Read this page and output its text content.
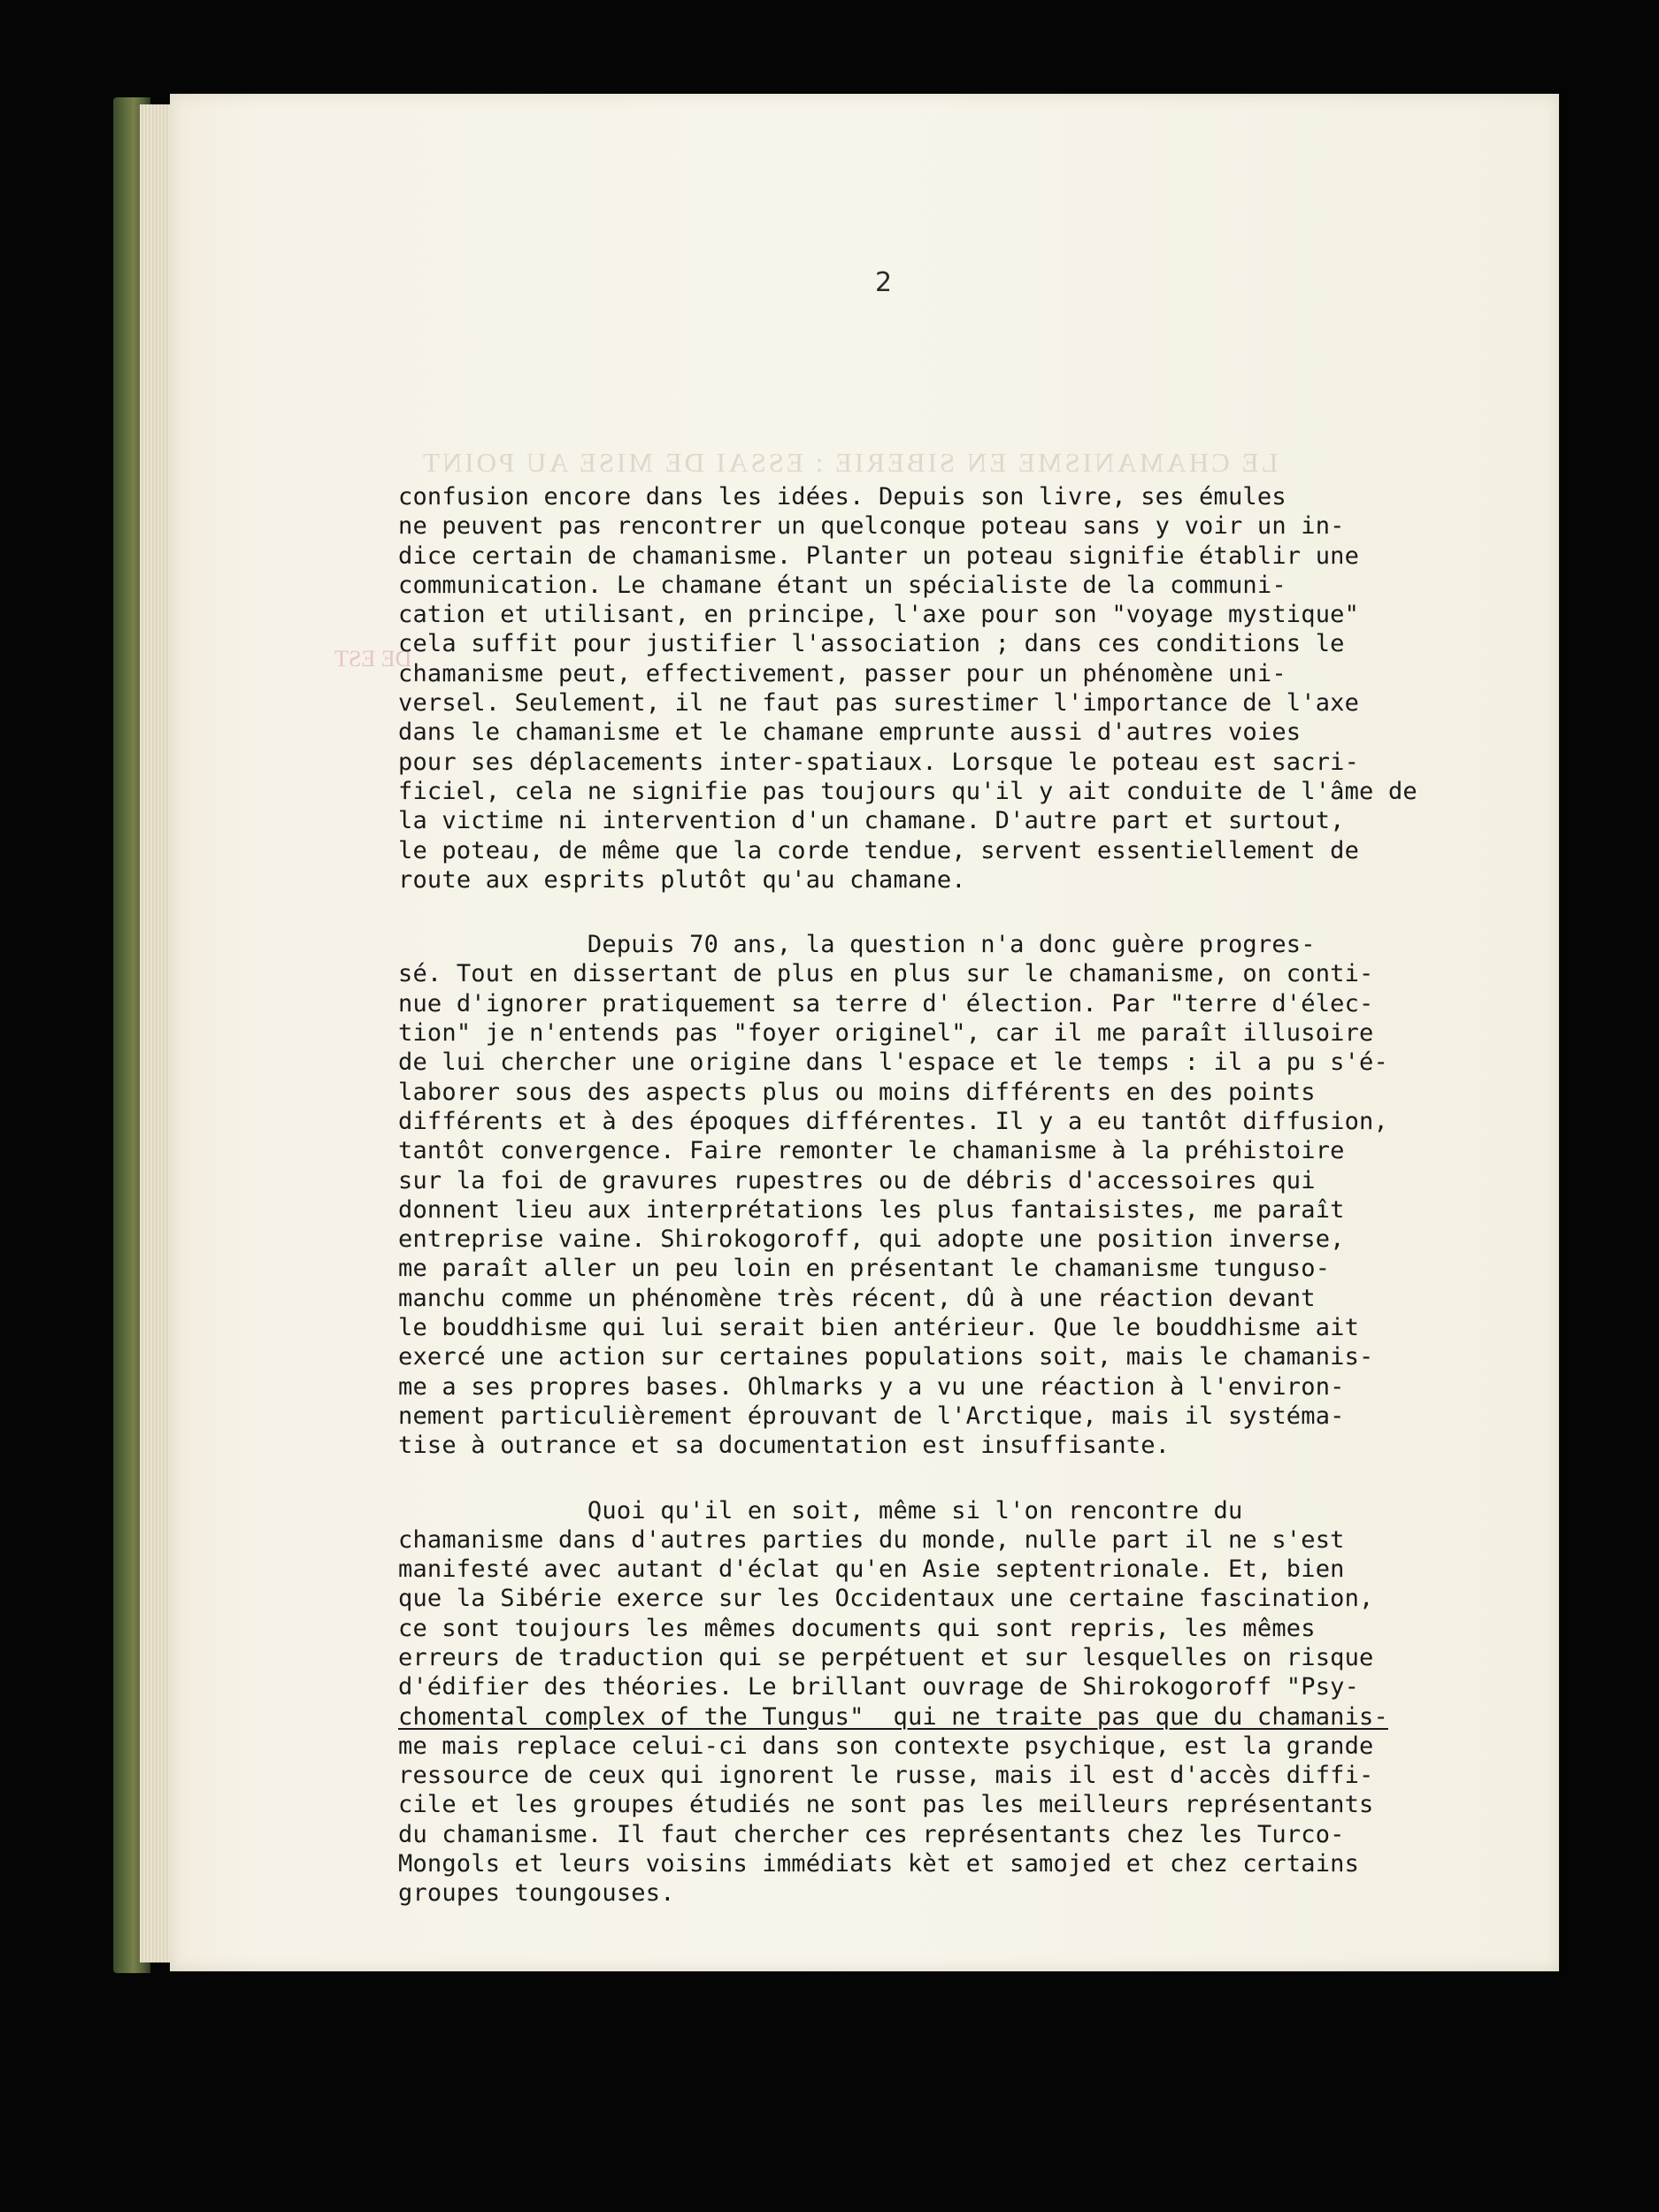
LE CHAMANISME EN SIBERIE : ESSAI DE MISE AU POINT
DE EST
2
confusion encore dans les idées. Depuis son livre, ses émules
ne peuvent pas rencontrer un quelconque poteau sans y voir un in-
dice certain de chamanisme. Planter un poteau signifie établir une
communication. Le chamane étant un spécialiste de la communi-
cation et utilisant, en principe, l'axe pour son "voyage mystique"
cela suffit pour justifier l'association ; dans ces conditions le
chamanisme peut, effectivement, passer pour un phénomène uni-
versel. Seulement, il ne faut pas surestimer l'importance de l'axe
dans le chamanisme et le chamane emprunte aussi d'autres voies
pour ses déplacements inter-spatiaux. Lorsque le poteau est sacri-
ficiel, cela ne signifie pas toujours qu'il y ait conduite de l'âme de
la victime ni intervention d'un chamane. D'autre part et surtout,
le poteau, de même que la corde tendue, servent essentiellement de
route aux esprits plutôt qu'au chamane.
Depuis 70 ans, la question n'a donc guère progres-
sé. Tout en dissertant de plus en plus sur le chamanisme, on conti-
nue d'ignorer pratiquement sa terre d' élection. Par "terre d'élec-
tion" je n'entends pas "foyer originel", car il me paraît illusoire
de lui chercher une origine dans l'espace et le temps : il a pu s'é-
laborer sous des aspects plus ou moins différents en des points
différents et à des époques différentes. Il y a eu tantôt diffusion,
tantôt convergence. Faire remonter le chamanisme à la préhistoire
sur la foi de gravures rupestres ou de débris d'accessoires qui
donnent lieu aux interprétations les plus fantaisistes, me paraît
entreprise vaine. Shirokogoroff, qui adopte une position inverse,
me paraît aller un peu loin en présentant le chamanisme tunguso-
manchu comme un phénomène très récent, dû à une réaction devant
le bouddhisme qui lui serait bien antérieur. Que le bouddhisme ait
exercé une action sur certaines populations soit, mais le chamanis-
me a ses propres bases. Ohlmarks y a vu une réaction à l'environ-
nement particulièrement éprouvant de l'Arctique, mais il systéma-
tise à outrance et sa documentation est insuffisante.
Quoi qu'il en soit, même si l'on rencontre du
chamanisme dans d'autres parties du monde, nulle part il ne s'est
manifesté avec autant d'éclat qu'en Asie septentrionale. Et, bien
que la Sibérie exerce sur les Occidentaux une certaine fascination,
ce sont toujours les mêmes documents qui sont repris, les mêmes
erreurs de traduction qui se perpétuent et sur lesquelles on risque
d'édifier des théories. Le brillant ouvrage de Shirokogoroff "Psy-
chomental complex of the Tungus"  qui ne traite pas que du chamanis-
me mais replace celui-ci dans son contexte psychique, est la grande
ressource de ceux qui ignorent le russe, mais il est d'accès diffi-
cile et les groupes étudiés ne sont pas les meilleurs représentants
du chamanisme. Il faut chercher ces représentants chez les Turco-
Mongols et leurs voisins immédiats kèt et samojed et chez certains
groupes toungouses.
